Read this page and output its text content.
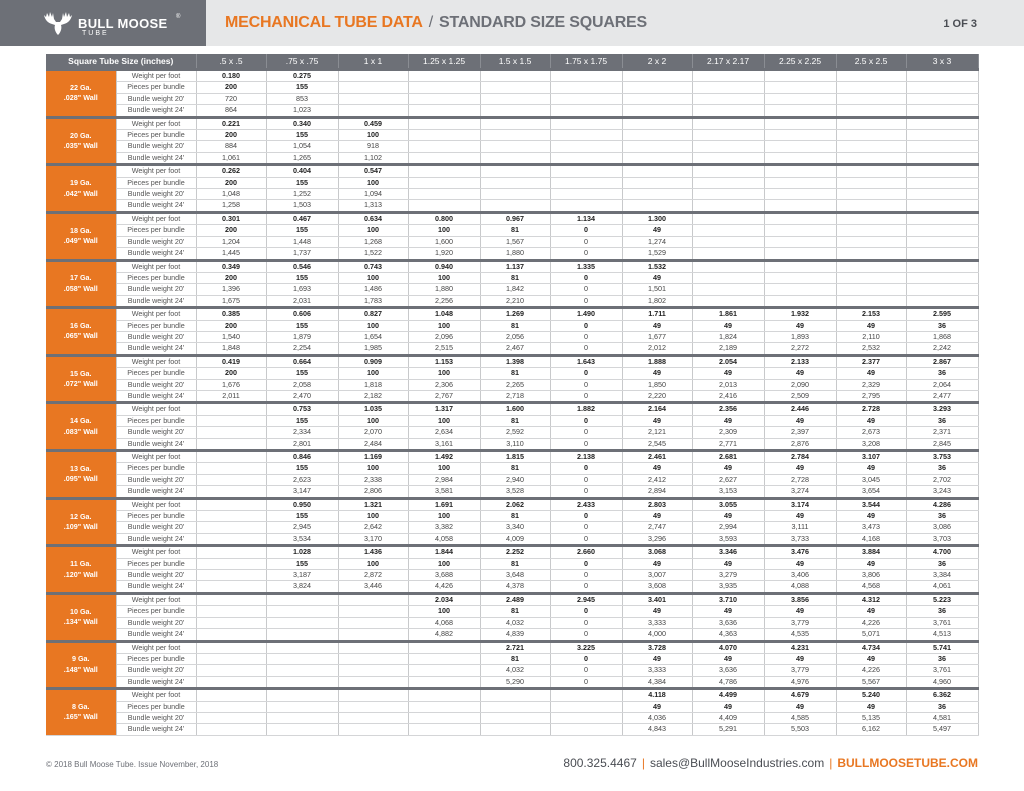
BULL MOOSE ®
TUBE
MECHANICAL TUBE DATA / STANDARD SIZE SQUARES	1 OF 3
Square Tube Size (inches)		.5 x .5	.75 x .75	1 x 1	1.25 x 1.25	1.5 x 1.5	1.75 x 1.75	2 x 2	2.17 x 2.17	2.25 x 2.25	2.5 x 2.5	3 x 3

22 Ga.
.028" Wall	Weight per foot	0.180	0.275									
	Pieces per bundle	200	155									
	Bundle weight 20'	720	853									
	Bundle weight 24'	864	1,023									

20 Ga.
.035" Wall	Weight per foot	0.221	0.340	0.459								
	Pieces per bundle	200	155	100								
	Bundle weight 20'	884	1,054	918								
	Bundle weight 24'	1,061	1,265	1,102								

19 Ga.
.042" Wall	Weight per foot	0.262	0.404	0.547								
	Pieces per bundle	200	155	100								
	Bundle weight 20'	1,048	1,252	1,094								
	Bundle weight 24'	1,258	1,503	1,313								

18 Ga.
.049" Wall	Weight per foot	0.301	0.467	0.634	0.800	0.967	1.134	1.300				
	Pieces per bundle	200	155	100	100	81	0	49				
	Bundle weight 20'	1,204	1,448	1,268	1,600	1,567	0	1,274				
	Bundle weight 24'	1,445	1,737	1,522	1,920	1,880	0	1,529				

17 Ga.
.058" Wall	Weight per foot	0.349	0.546	0.743	0.940	1.137	1.335	1.532				
	Pieces per bundle	200	155	100	100	81	0	49				
	Bundle weight 20'	1,396	1,693	1,486	1,880	1,842	0	1,501				
	Bundle weight 24'	1,675	2,031	1,783	2,256	2,210	0	1,802				

16 Ga.
.065" Wall	Weight per foot	0.385	0.606	0.827	1.048	1.269	1.490	1.711	1.861	1.932	2.153	2.595
	Pieces per bundle	200	155	100	100	81	0	49	49	49	49	36
	Bundle weight 20'	1,540	1,879	1,654	2,096	2,056	0	1,677	1,824	1,893	2,110	1,868
	Bundle weight 24'	1,848	2,254	1,985	2,515	2,467	0	2,012	2,189	2,272	2,532	2,242

15 Ga.
.072" Wall	Weight per foot	0.419	0.664	0.909	1.153	1.398	1.643	1.888	2.054	2.133	2.377	2.867
	Pieces per bundle	200	155	100	100	81	0	49	49	49	49	36
	Bundle weight 20'	1,676	2,058	1,818	2,306	2,265	0	1,850	2,013	2,090	2,329	2,064
	Bundle weight 24'	2,011	2,470	2,182	2,767	2,718	0	2,220	2,416	2,509	2,795	2,477

14 Ga.
.083" Wall	Weight per foot		0.753	1.035	1.317	1.600	1.882	2.164	2.356	2.446	2.728	3.293
	Pieces per bundle		155	100	100	81	0	49	49	49	49	36
	Bundle weight 20'		2,334	2,070	2,634	2,592	0	2,121	2,309	2,397	2,673	2,371
	Bundle weight 24'		2,801	2,484	3,161	3,110	0	2,545	2,771	2,876	3,208	2,845

13 Ga.
.095" Wall	Weight per foot		0.846	1.169	1.492	1.815	2.138	2.461	2.681	2.784	3.107	3.753
	Pieces per bundle		155	100	100	81	0	49	49	49	49	36
	Bundle weight 20'		2,623	2,338	2,984	2,940	0	2,412	2,627	2,728	3,045	2,702
	Bundle weight 24'		3,147	2,806	3,581	3,528	0	2,894	3,153	3,274	3,654	3,243

12 Ga.
.109" Wall	Weight per foot		0.950	1.321	1.691	2.062	2.433	2.803	3.055	3.174	3.544	4.286
	Pieces per bundle		155	100	100	81	0	49	49	49	49	36
	Bundle weight 20'		2,945	2,642	3,382	3,340	0	2,747	2,994	3,111	3,473	3,086
	Bundle weight 24'		3,534	3,170	4,058	4,009	0	3,296	3,593	3,733	4,168	3,703

11 Ga.
.120" Wall	Weight per foot		1.028	1.436	1.844	2.252	2.660	3.068	3.346	3.476	3.884	4.700
	Pieces per bundle		155	100	100	81	0	49	49	49	49	36
	Bundle weight 20'		3,187	2,872	3,688	3,648	0	3,007	3,279	3,406	3,806	3,384
	Bundle weight 24'		3,824	3,446	4,426	4,378	0	3,608	3,935	4,088	4,568	4,061

10 Ga.
.134" Wall	Weight per foot				2.034	2.489	2.945	3.401	3.710	3.856	4.312	5.223
	Pieces per bundle				100	81	0	49	49	49	49	36
	Bundle weight 20'				4,068	4,032	0	3,333	3,636	3,779	4,226	3,761
	Bundle weight 24'				4,882	4,839	0	4,000	4,363	4,535	5,071	4,513

9 Ga.
.148" Wall	Weight per foot					2.721	3.225	3.728	4.070	4.231	4.734	5.741
	Pieces per bundle					81	0	49	49	49	49	36
	Bundle weight 20'					4,032	0	3,333	3,636	3,779	4,226	3,761
	Bundle weight 24'					5,290	0	4,384	4,786	4,976	5,567	4,960

8 Ga.
.165" Wall	Weight per foot							4.118	4.499	4.679	5.240	6.362
	Pieces per bundle							49	49	49	49	36
	Bundle weight 20'							4,036	4,409	4,585	5,135	4,581
	Bundle weight 24'							4,843	5,291	5,503	6,162	5,497
© 2018 Bull Moose Tube. Issue November, 2018	800.325.4467 | sales@BullMooseIndustries.com | BULLMOOSETUBE.COM
